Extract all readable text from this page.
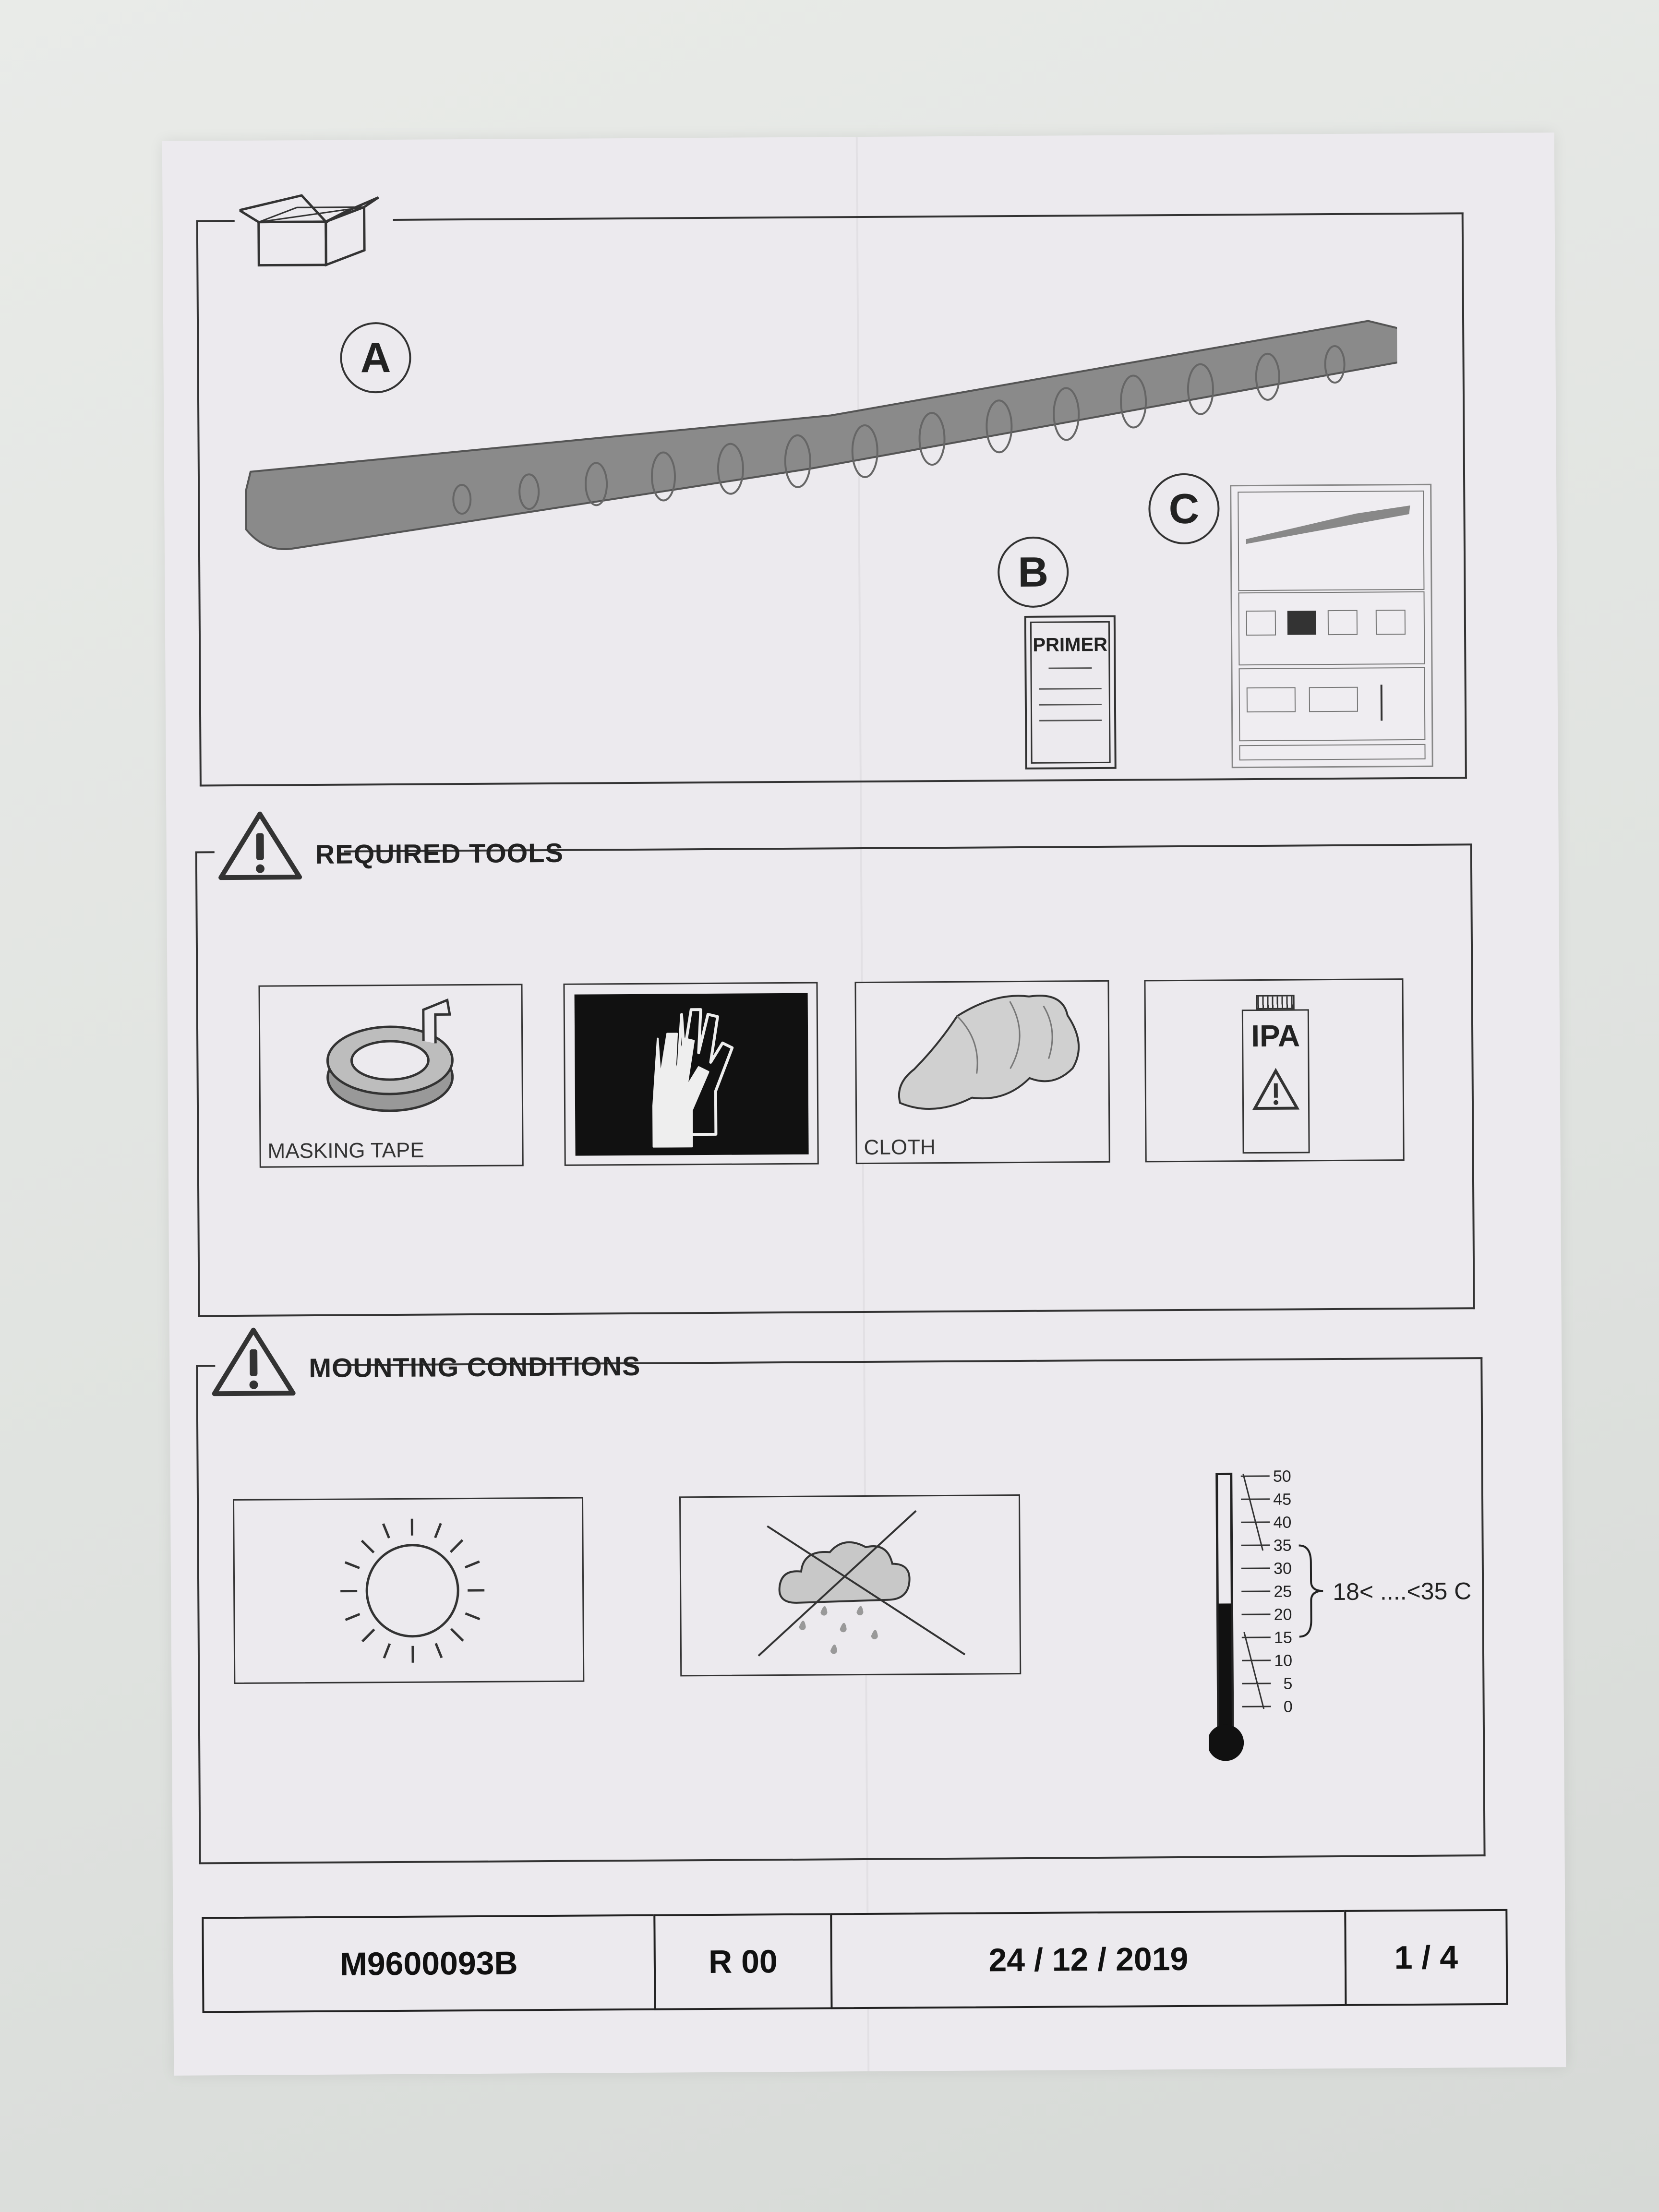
A
B
PRIMER
C
REQUIRED TOOLS
MASKING TAPE	CLOTH
IPA
MOUNTING CONDITIONS
50
45
40
35
30
25
20
15
10
5
0
18< ....<35 C
M9600093B	R 00	24 / 12 / 2019	1 / 4
